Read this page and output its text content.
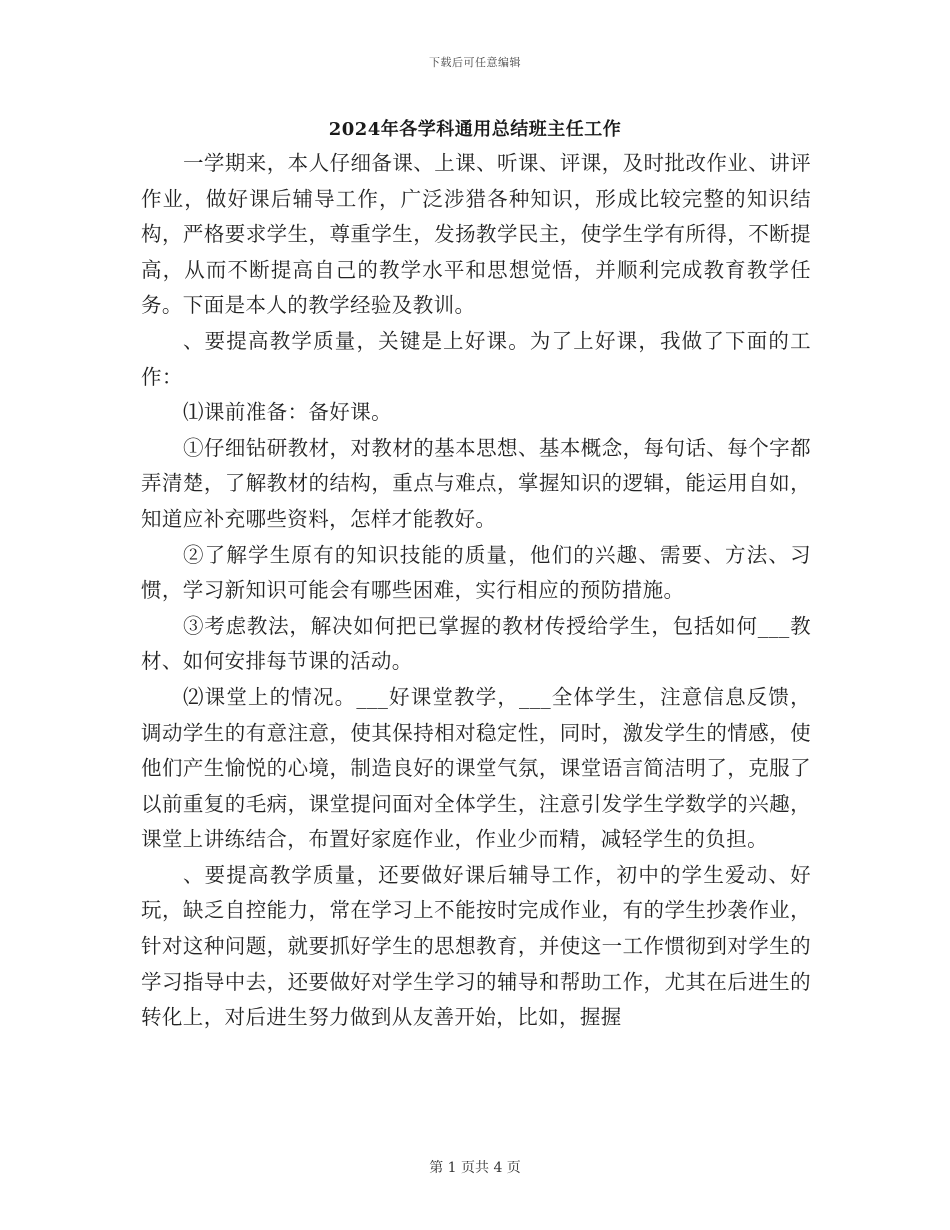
下载后可任意编辑
2024年各学科通用总结班主任工作

一学期来，本人仔细备课、上课、听课、评课，及时批改作业、讲评作业，做好课后辅导工作，广泛涉猎各种知识，形成比较完整的知识结构，严格要求学生，尊重学生，发扬教学民主，使学生学有所得，不断提高，从而不断提高自己的教学水平和思想觉悟，并顺利完成教育教学任务。下面是本人的教学经验及教训。

、要提高教学质量，关键是上好课。为了上好课，我做了下面的工作：

⑴课前准备：备好课。

①仔细钻研教材，对教材的基本思想、基本概念，每句话、每个字都弄清楚，了解教材的结构，重点与难点，掌握知识的逻辑，能运用自如，知道应补充哪些资料，怎样才能教好。

②了解学生原有的知识技能的质量，他们的兴趣、需要、方法、习惯，学习新知识可能会有哪些困难，实行相应的预防措施。

③考虑教法，解决如何把已掌握的教材传授给学生，包括如何___教材、如何安排每节课的活动。

⑵课堂上的情况。___好课堂教学，___全体学生，注意信息反馈，调动学生的有意注意，使其保持相对稳定性，同时，激发学生的情感，使他们产生愉悦的心境，制造良好的课堂气氛，课堂语言简洁明了，克服了以前重复的毛病，课堂提问面对全体学生，注意引发学生学数学的兴趣，课堂上讲练结合，布置好家庭作业，作业少而精，减轻学生的负担。

、要提高教学质量，还要做好课后辅导工作，初中的学生爱动、好玩，缺乏自控能力，常在学习上不能按时完成作业，有的学生抄袭作业，针对这种问题，就要抓好学生的思想教育，并使这一工作惯彻到对学生的学习指导中去，还要做好对学生学习的辅导和帮助工作，尤其在后进生的转化上，对后进生努力做到从友善开始，比如，握握

第 1 页共 4 页
